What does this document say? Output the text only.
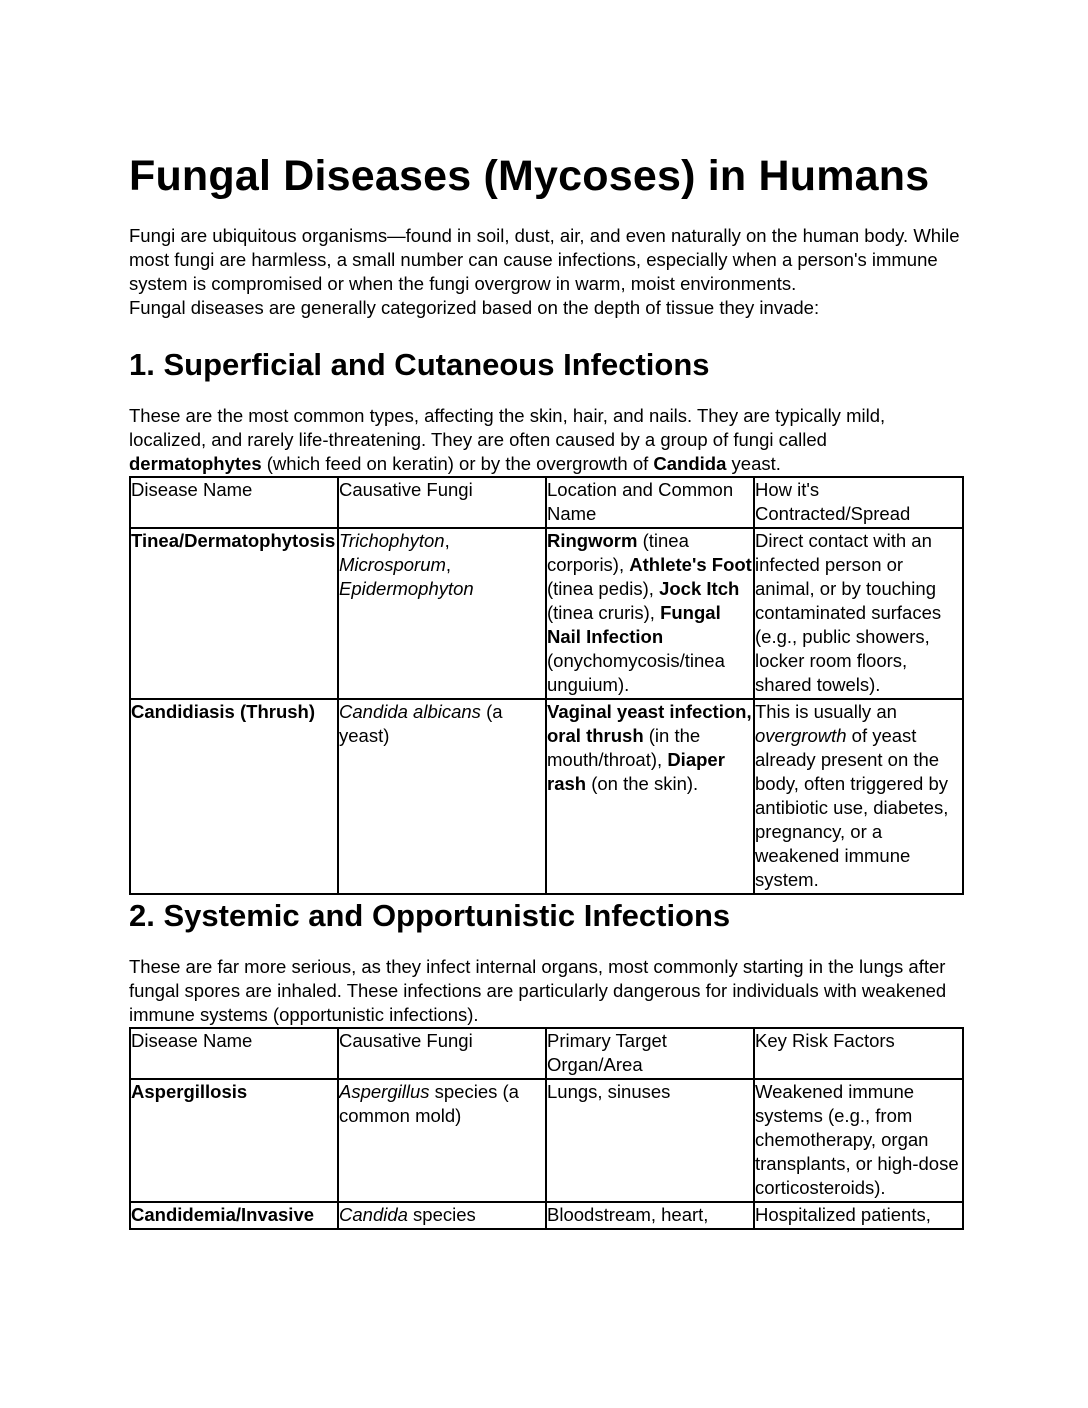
Fungal Diseases (Mycoses) in Humans

Fungi are ubiquitous organisms—found in soil, dust, air, and even naturally on the human body. While most fungi are harmless, a small number can cause infections, especially when a person's immune system is compromised or when the fungi overgrow in warm, moist environments.

Fungal diseases are generally categorized based on the depth of tissue they invade:

1. Superficial and Cutaneous Infections

These are the most common types, affecting the skin, hair, and nails. They are typically mild, localized, and rarely life-threatening. They are often caused by a group of fungi called dermatophytes (which feed on keratin) or by the overgrowth of Candida yeast.

Disease Name	Causative Fungi	Location and Common Name	How it's Contracted/Spread
Tinea/Dermatophytosis	Trichophyton,
Microsporum,
Epidermophyton	Ringworm (tinea corporis), Athlete's Foot (tinea pedis), Jock Itch (tinea cruris), Fungal Nail Infection (onychomycosis/tinea unguium).	Direct contact with an infected person or animal, or by touching contaminated surfaces (e.g., public showers, locker room floors, shared towels).
Candidiasis (Thrush)	Candida albicans (a yeast)	Vaginal yeast infection, oral thrush (in the mouth/throat), Diaper rash (on the skin).	This is usually an overgrowth of yeast already present on the body, often triggered by antibiotic use, diabetes, pregnancy, or a weakened immune system.
2. Systemic and Opportunistic Infections

These are far more serious, as they infect internal organs, most commonly starting in the lungs after fungal spores are inhaled. These infections are particularly dangerous for individuals with weakened immune systems (opportunistic infections).

Disease Name	Causative Fungi	Primary Target Organ/Area	Key Risk Factors
Aspergillosis	Aspergillus species (a common mold)	Lungs, sinuses	Weakened immune systems (e.g., from chemotherapy, organ transplants, or high-dose corticosteroids).

Candidemia/Invasive	Candida species	Bloodstream, heart,	Hospitalized patients,
